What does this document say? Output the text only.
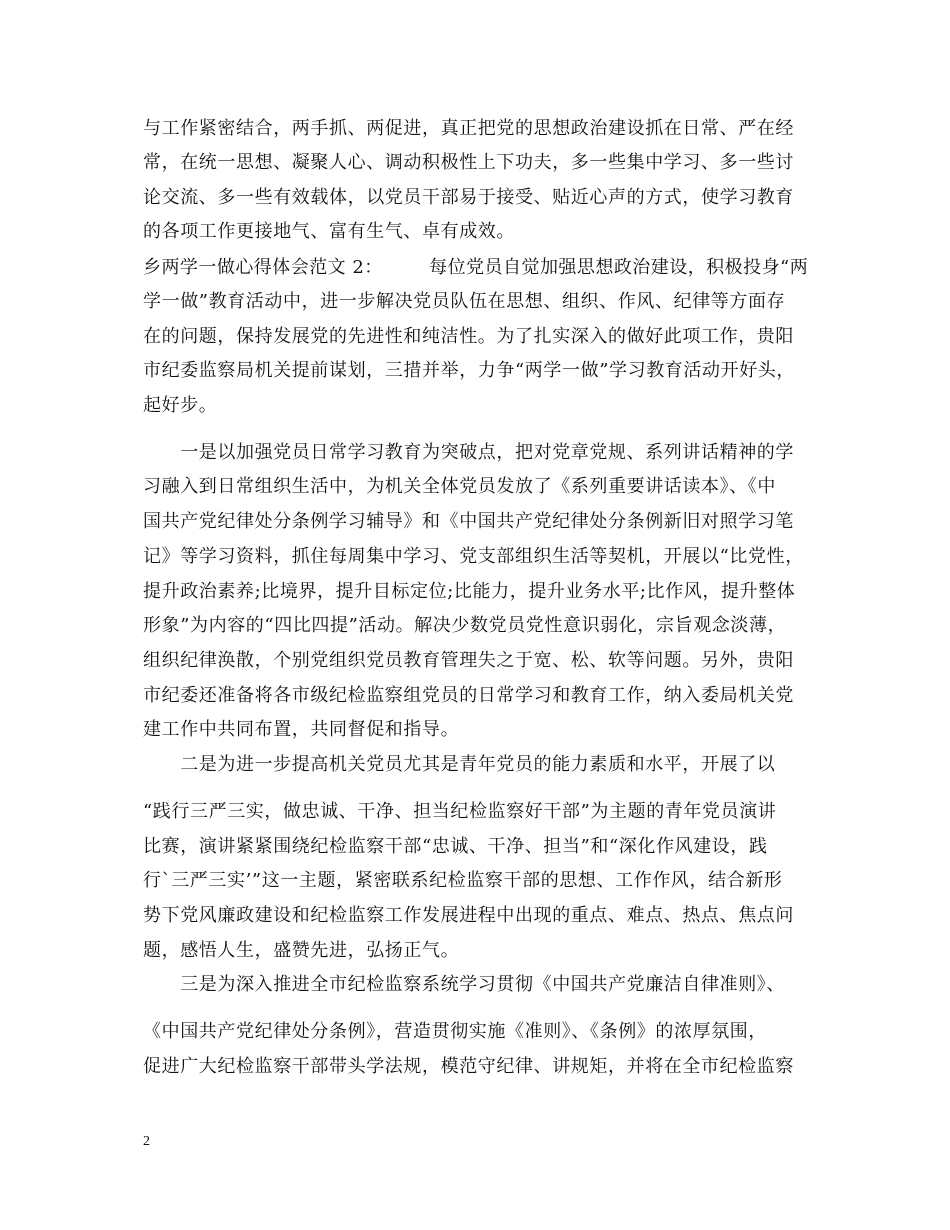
与工作紧密结合，两手抓、两促进，真正把党的思想政治建设抓在日常、严在经
常，在统一思想、凝聚人心、调动积极性上下功夫，多一些集中学习、多一些讨
论交流、多一些有效载体，以党员干部易于接受、贴近心声的方式，使学习教育
的各项工作更接地气、富有生气、卓有成效。
乡两学一做心得体会范文 2：　　　每位党员自觉加强思想政治建设，积极投身“两
学一做”教育活动中，进一步解决党员队伍在思想、组织、作风、纪律等方面存
在的问题，保持发展党的先进性和纯洁性。为了扎实深入的做好此项工作，贵阳
市纪委监察局机关提前谋划，三措并举，力争“两学一做”学习教育活动开好头，
起好步。
　　一是以加强党员日常学习教育为突破点，把对党章党规、系列讲话精神的学
习融入到日常组织生活中，为机关全体党员发放了《系列重要讲话读本》、《中
国共产党纪律处分条例学习辅导》和《中国共产党纪律处分条例新旧对照学习笔
记》等学习资料，抓住每周集中学习、党支部组织生活等契机，开展以“比党性，
提升政治素养;比境界，提升目标定位;比能力，提升业务水平;比作风，提升整体
形象”为内容的“四比四提”活动。解决少数党员党性意识弱化，宗旨观念淡薄，
组织纪律涣散，个别党组织党员教育管理失之于宽、松、软等问题。另外，贵阳
市纪委还准备将各市级纪检监察组党员的日常学习和教育工作，纳入委局机关党
建工作中共同布置，共同督促和指导。
　　二是为进一步提高机关党员尤其是青年党员的能力素质和水平，开展了以
“践行三严三实，做忠诚、干净、担当纪检监察好干部”为主题的青年党员演讲
比赛，演讲紧紧围绕纪检监察干部“忠诚、干净、担当”和“深化作风建设，践
行`三严三实’”这一主题，紧密联系纪检监察干部的思想、工作作风，结合新形
势下党风廉政建设和纪检监察工作发展进程中出现的重点、难点、热点、焦点问
题，感悟人生，盛赞先进，弘扬正气。
　　三是为深入推进全市纪检监察系统学习贯彻《中国共产党廉洁自律准则》、
《中国共产党纪律处分条例》，营造贯彻实施《准则》、《条例》的浓厚氛围，
促进广大纪检监察干部带头学法规，模范守纪律、讲规矩，并将在全市纪检监察
2
